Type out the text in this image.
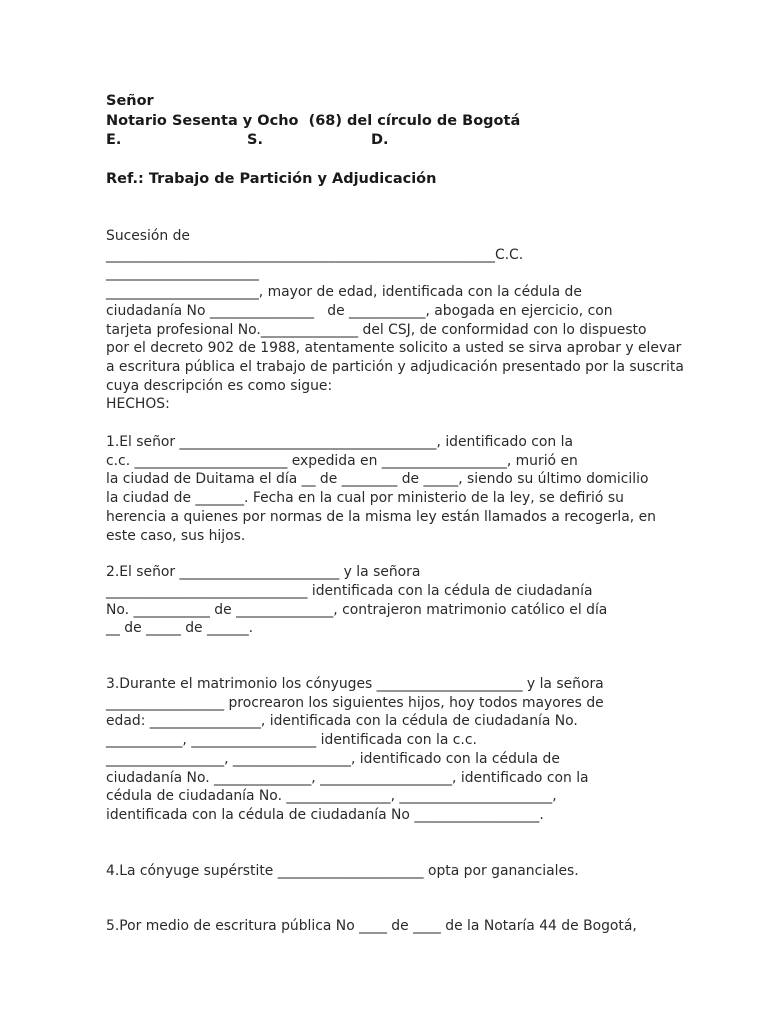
Señor
Notario Sesenta y Ocho  (68) del círculo de Bogotá
E.	S.	D.
Ref.: Trabajo de Partición y Adjudicación
Sucesión de
________________________________________________________C.C.
______________________
______________________, mayor de edad, identificada con la cédula de
ciudadanía No _______________   de ___________, abogada en ejercicio, con
tarjeta profesional No.______________ del CSJ, de conformidad con lo dispuesto
por el decreto 902 de 1988, atentamente solicito a usted se sirva aprobar y elevar
a escritura pública el trabajo de partición y adjudicación presentado por la suscrita
cuya descripción es como sigue:
HECHOS:
1.El señor _____________________________________, identificado con la
c.c. ______________________ expedida en __________________, murió en
la ciudad de Duitama el día __ de ________ de _____, siendo su último domicilio
la ciudad de _______. Fecha en la cual por ministerio de la ley, se defirió su
herencia a quienes por normas de la misma ley están llamados a recogerla, en
este caso, sus hijos.
2.El señor _______________________ y la señora
_____________________________ identificada con la cédula de ciudadanía
No. ___________ de ______________, contrajeron matrimonio católico el día
__ de _____ de ______.
3.Durante el matrimonio los cónyuges _____________________ y la señora
_________________ procrearon los siguientes hijos, hoy todos mayores de
edad: ________________, identificada con la cédula de ciudadanía No.
___________, __________________ identificada con la c.c.
_________________, _________________, identificado con la cédula de
ciudadanía No. ______________, ___________________, identificado con la
cédula de ciudadanía No. _______________, ______________________,
identificada con la cédula de ciudadanía No __________________.
4.La cónyuge supérstite _____________________ opta por gananciales.
5.Por medio de escritura pública No ____ de ____ de la Notaría 44 de Bogotá,
